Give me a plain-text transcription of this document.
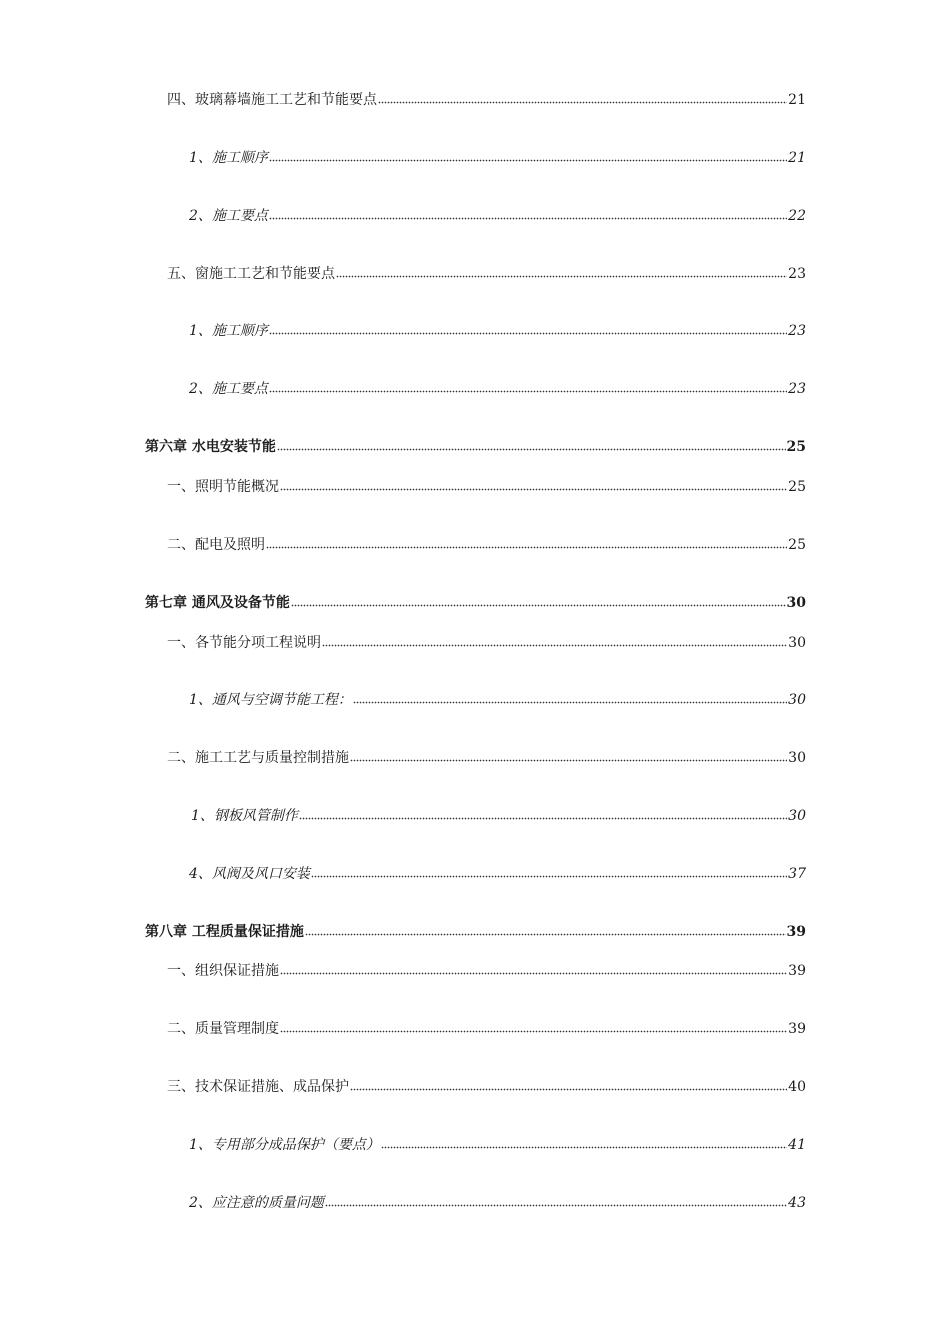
四、玻璃幕墙施工工艺和节能要点	21
1、施工顺序	21
2、施工要点	22
五、窗施工工艺和节能要点	23
1、施工顺序	23
2、施工要点	23
第六章 水电安装节能	25
一、照明节能概况	25
二、配电及照明	25
第七章 通风及设备节能	30
一、各节能分项工程说明	30
1、通风与空调节能工程：	30
二、施工工艺与质量控制措施	30
1、钢板风管制作	30
4、风阀及风口安装	37
第八章 工程质量保证措施	39
一、组织保证措施	39
二、质量管理制度	39
三、技术保证措施、成品保护	40
1、专用部分成品保护（要点）	41
2、应注意的质量问题	43
